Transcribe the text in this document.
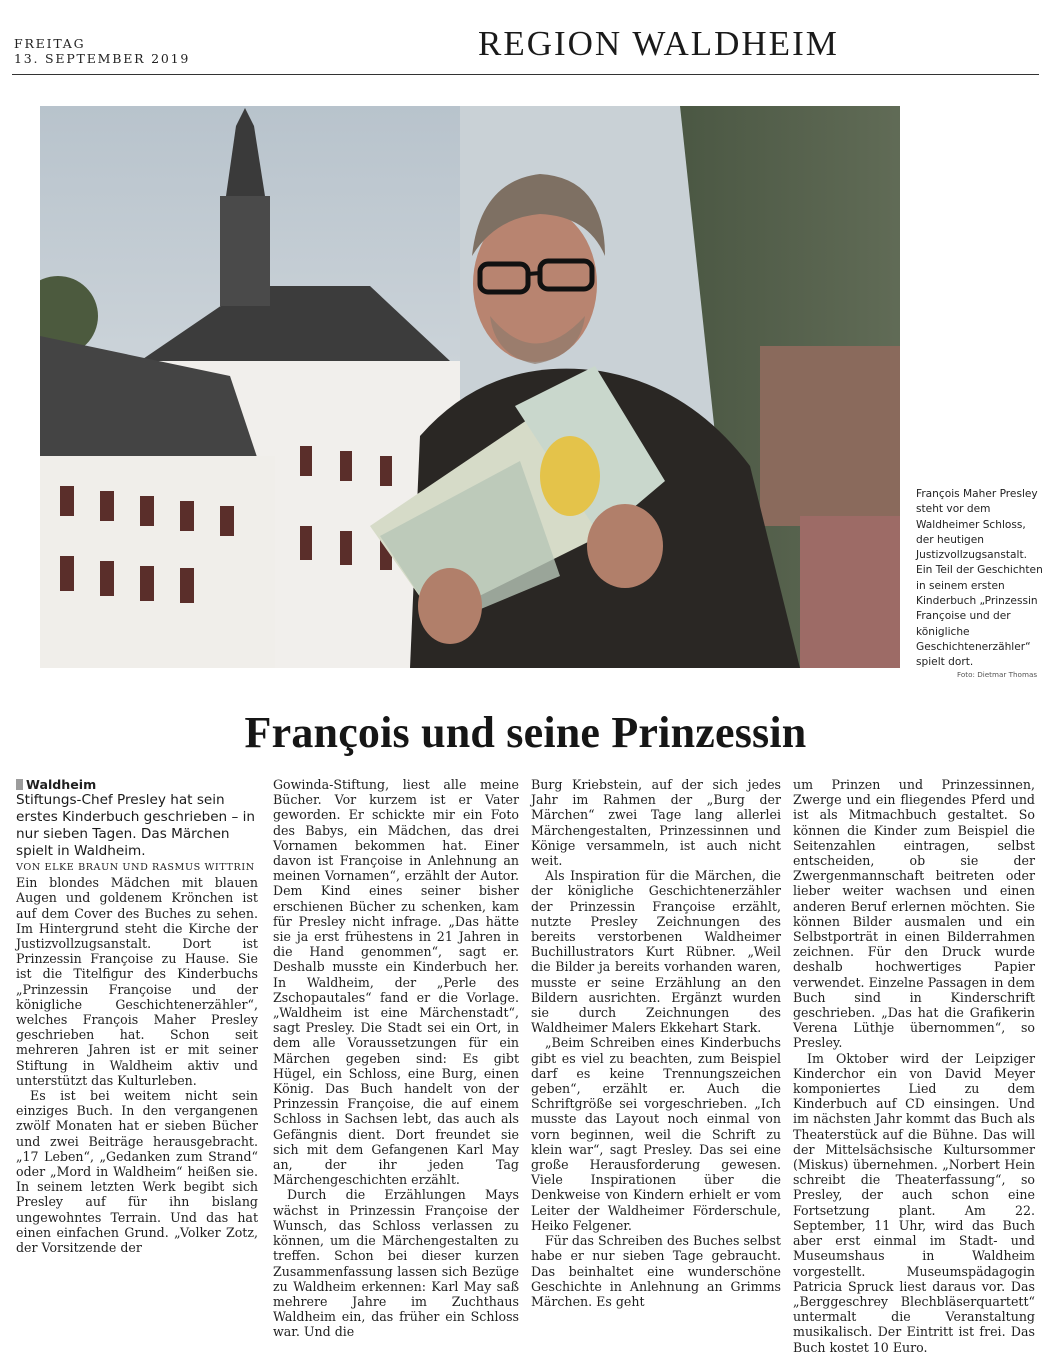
FREITAG
13. SEPTEMBER 2019	REGION WALDHEIM
François Maher Presley steht vor dem Waldheimer Schloss, der heutigen Justizvollzugsanstalt. Ein Teil der Geschichten in seinem ersten Kinderbuch „Prinzessin Françoise und der königliche Geschichtenerzähler“ spielt dort.
Foto: Dietmar Thomas
François und seine Prinzessin
Waldheim

Stiftungs-Chef Presley hat sein erstes Kinderbuch geschrieben – in nur sieben Tagen. Das Märchen spielt in Waldheim.

VON ELKE BRAUN UND RASMUS WITTRIN

Ein blondes Mädchen mit blauen Augen und goldenem Krönchen ist auf dem Cover des Buches zu sehen. Im Hintergrund steht die Kirche der Justizvollzugsanstalt. Dort ist Prinzessin Françoise zu Hause. Sie ist die Titelfigur des Kinderbuchs „Prinzessin Françoise und der königliche Geschichtenerzähler“, welches François Maher Presley geschrieben hat. Schon seit mehreren Jahren ist er mit seiner Stiftung in Waldheim aktiv und unterstützt das Kulturleben.

Es ist bei weitem nicht sein einziges Buch. In den vergangenen zwölf Monaten hat er sieben Bücher und zwei Beiträge herausgebracht. „17 Leben“, „Gedanken zum Strand“ oder „Mord in Waldheim“ heißen sie. In seinem letzten Werk begibt sich Presley auf für ihn bislang ungewohntes Terrain. Und das hat einen einfachen Grund. „Volker Zotz, der Vorsitzende der

Gowinda-Stiftung, liest alle meine Bücher. Vor kurzem ist er Vater geworden. Er schickte mir ein Foto des Babys, ein Mädchen, das drei Vornamen bekommen hat. Einer davon ist Françoise in Anlehnung an meinen Vornamen“, erzählt der Autor. Dem Kind eines seiner bisher erschienen Bücher zu schenken, kam für Presley nicht infrage. „Das hätte sie ja erst frühestens in 21 Jahren in die Hand genommen“, sagt er. Deshalb musste ein Kinderbuch her. In Waldheim, der „Perle des Zschopautales“ fand er die Vorlage. „Waldheim ist eine Märchenstadt“, sagt Presley. Die Stadt sei ein Ort, in dem alle Voraussetzungen für ein Märchen gegeben sind: Es gibt Hügel, ein Schloss, eine Burg, einen König. Das Buch handelt von der Prinzessin Françoise, die auf einem Schloss in Sachsen lebt, das auch als Gefängnis dient. Dort freundet sie sich mit dem Gefangenen Karl May an, der ihr jeden Tag Märchengeschichten erzählt.

Durch die Erzählungen Mays wächst in Prinzessin Françoise der Wunsch, das Schloss verlassen zu können, um die Märchengestalten zu treffen. Schon bei dieser kurzen Zusammenfassung lassen sich Bezüge zu Waldheim erkennen: Karl May saß mehrere Jahre im Zuchthaus Waldheim ein, das früher ein Schloss war. Und die

Burg Kriebstein, auf der sich jedes Jahr im Rahmen der „Burg der Märchen“ zwei Tage lang allerlei Märchengestalten, Prinzessinnen und Könige versammeln, ist auch nicht weit.

Als Inspiration für die Märchen, die der königliche Geschichtenerzähler der Prinzessin Françoise erzählt, nutzte Presley Zeichnungen des bereits verstorbenen Waldheimer Buchillustrators Kurt Rübner. „Weil die Bilder ja bereits vorhanden waren, musste er seine Erzählung an den Bildern ausrichten. Ergänzt wurden sie durch Zeichnungen des Waldheimer Malers Ekkehart Stark.

„Beim Schreiben eines Kinderbuchs gibt es viel zu beachten, zum Beispiel darf es keine Trennungszeichen geben“, erzählt er. Auch die Schriftgröße sei vorgeschrieben. „Ich musste das Layout noch einmal von vorn beginnen, weil die Schrift zu klein war“, sagt Presley. Das sei eine große Herausforderung gewesen. Viele Inspirationen über die Denkweise von Kindern erhielt er vom Leiter der Waldheimer Förderschule, Heiko Felgener.

Für das Schreiben des Buches selbst habe er nur sieben Tage gebraucht. Das beinhaltet eine wunderschöne Geschichte in Anlehnung an Grimms Märchen. Es geht

um Prinzen und Prinzessinnen, Zwerge und ein fliegendes Pferd und ist als Mitmachbuch gestaltet. So können die Kinder zum Beispiel die Seitenzahlen eintragen, selbst entscheiden, ob sie der Zwergenmannschaft beitreten oder lieber weiter wachsen und einen anderen Beruf erlernen möchten. Sie können Bilder ausmalen und ein Selbstporträt in einen Bilderrahmen zeichnen. Für den Druck wurde deshalb hochwertiges Papier verwendet. Einzelne Passagen in dem Buch sind in Kinderschrift geschrieben. „Das hat die Grafikerin Verena Lüthje übernommen“, so Presley.

Im Oktober wird der Leipziger Kinderchor ein von David Meyer komponiertes Lied zu dem Kinderbuch auf CD einsingen. Und im nächsten Jahr kommt das Buch als Theaterstück auf die Bühne. Das will der Mittelsächsische Kultursommer (Miskus) übernehmen. „Norbert Hein schreibt die Theaterfassung“, so Presley, der auch schon eine Fortsetzung plant. Am 22. September, 11 Uhr, wird das Buch aber erst einmal im Stadt- und Museumshaus in Waldheim vorgestellt. Museumspädagogin Patricia Spruck liest daraus vor. Das „Berggeschrey Blechbläserquartett“ untermalt die Veranstaltung musikalisch. Der Eintritt ist frei. Das Buch kostet 10 Euro.
